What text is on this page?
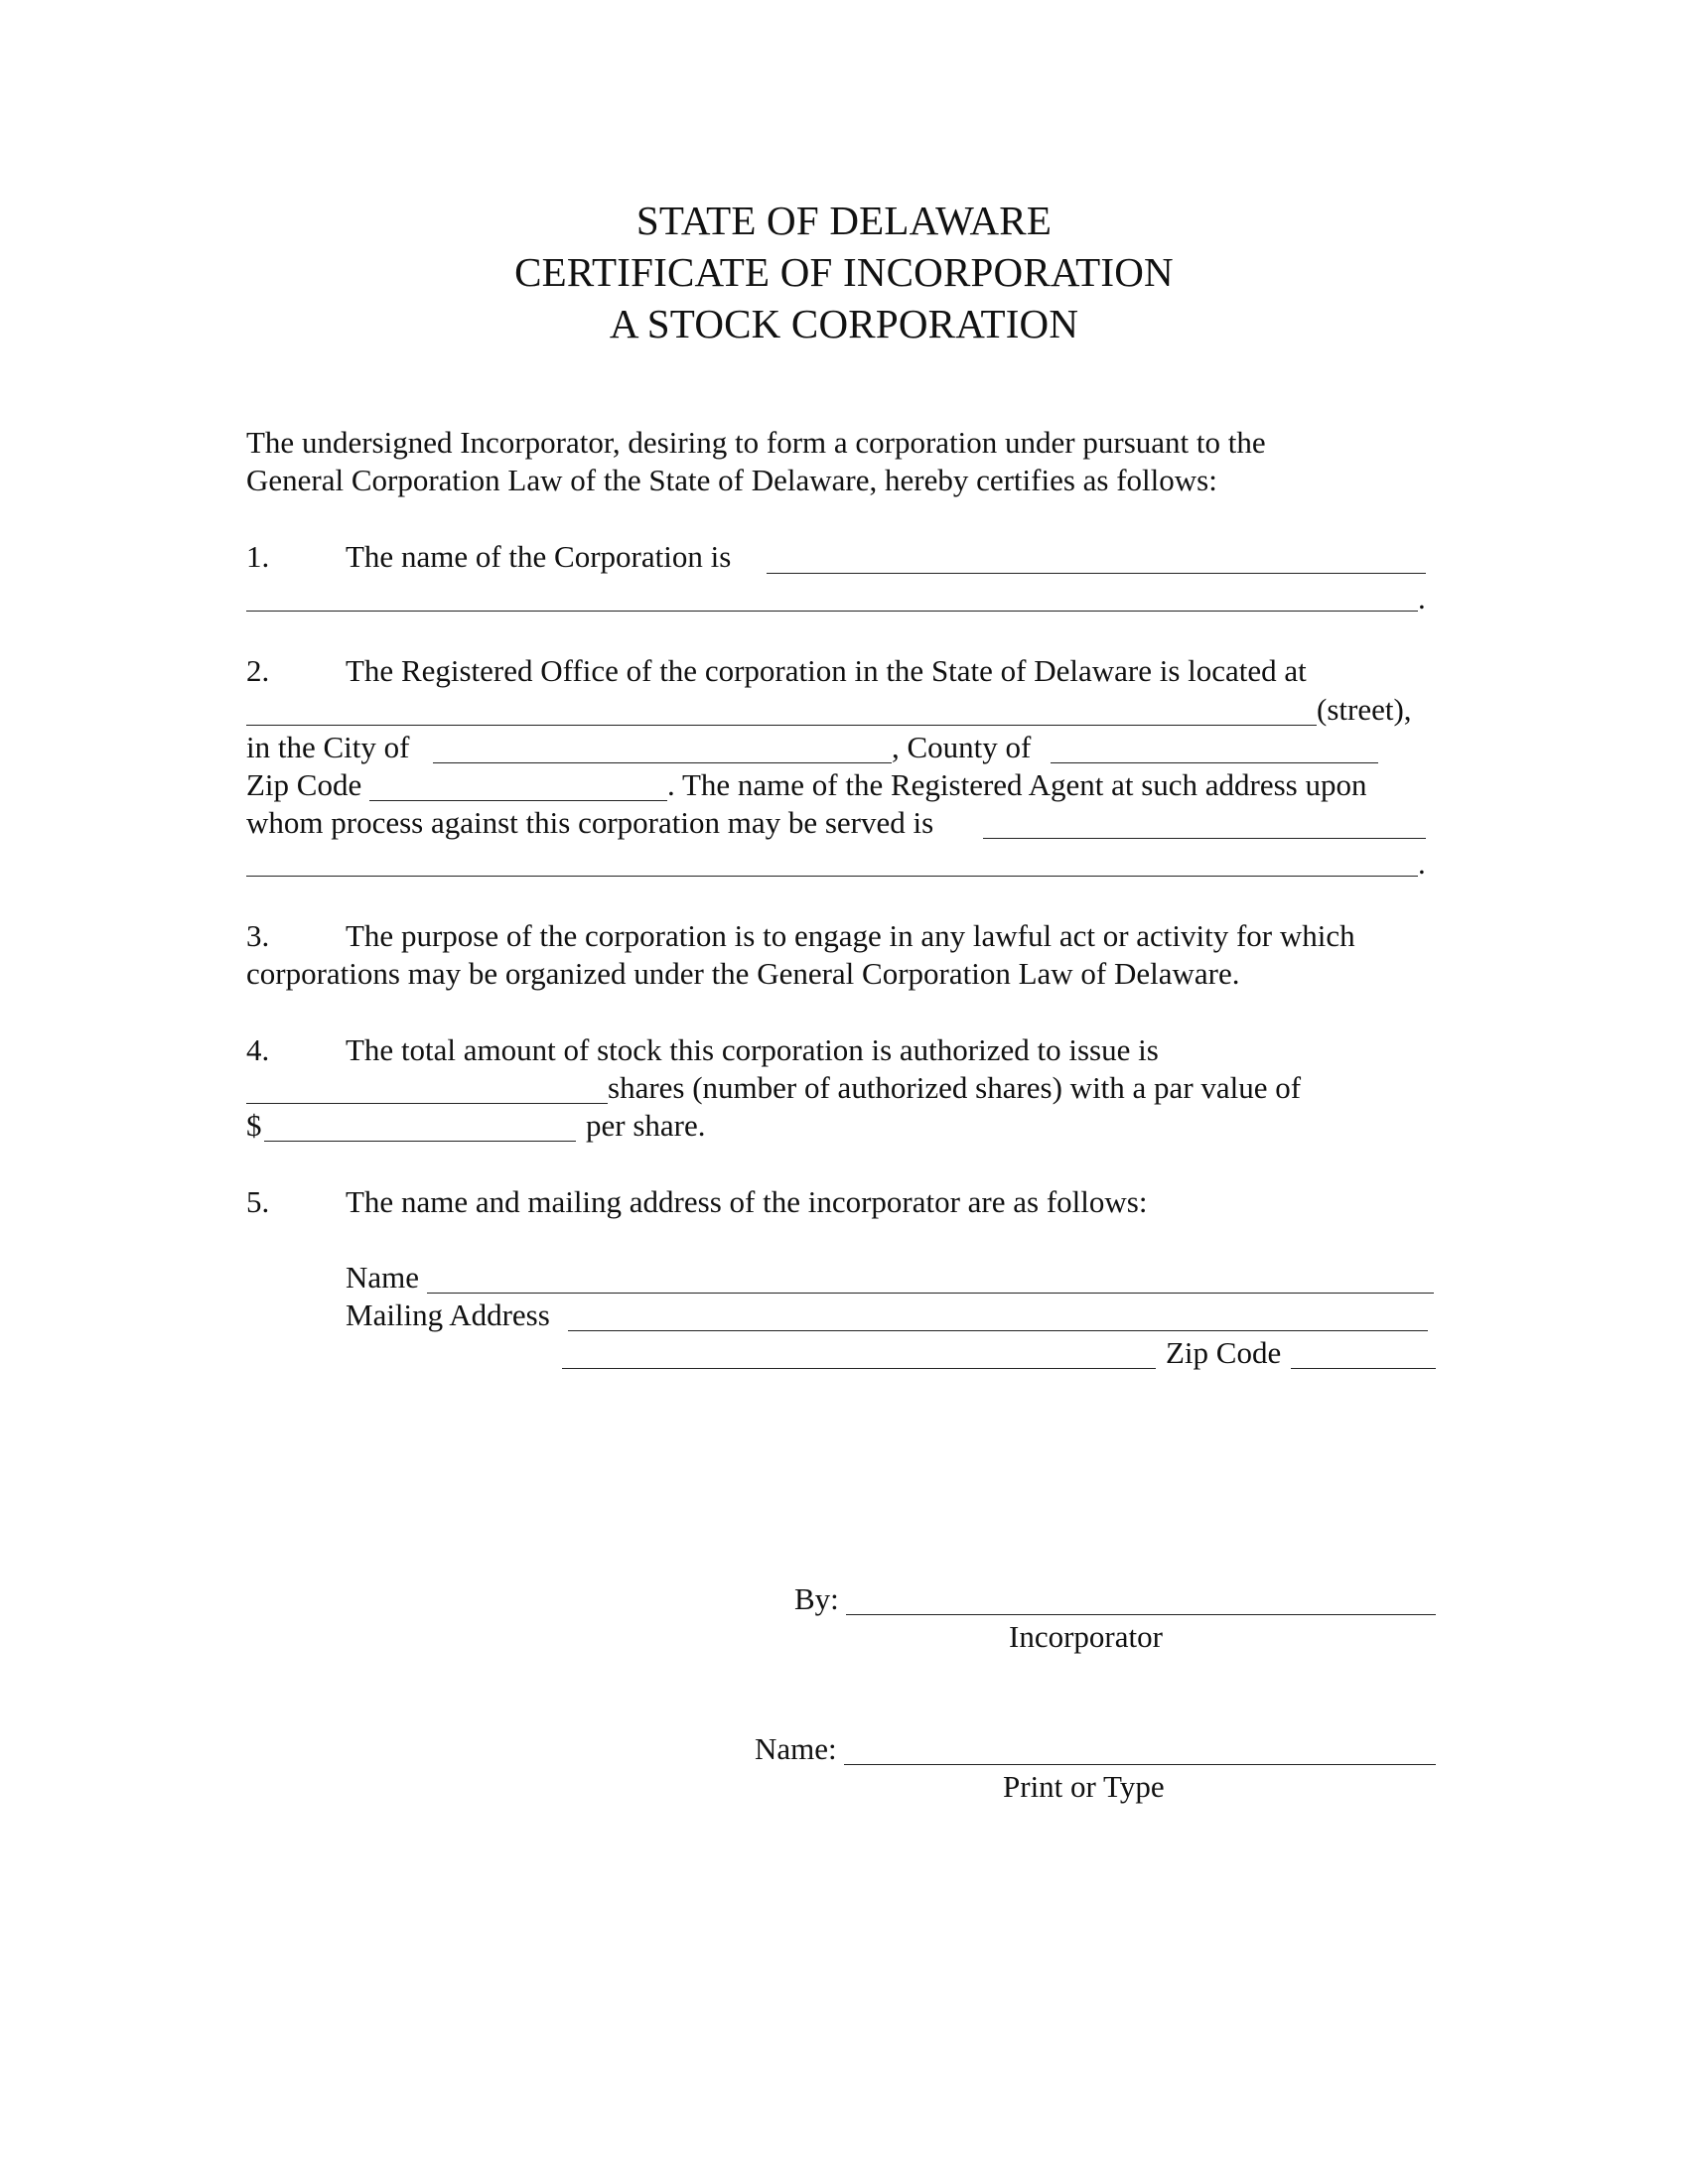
STATE OF DELAWARE
CERTIFICATE OF INCORPORATION
A STOCK CORPORATION
The undersigned Incorporator, desiring to form a corporation under pursuant to the
General Corporation Law of the State of Delaware, hereby certifies as follows:
1. The name of the Corporation is
.
2. The Registered Office of the corporation in the State of Delaware is located at
(street),
in the City of	, County of
Zip Code	. The name of the Registered Agent at such address upon
whom process against this corporation may be served is
.
3. The purpose of the corporation is to engage in any lawful act or activity for which
corporations may be organized under the General Corporation Law of Delaware.
4. The total amount of stock this corporation is authorized to issue is
shares (number of authorized shares) with a par value of
$	per share.
5. The name and mailing address of the incorporator are as follows:
Name
Mailing Address
Zip Code
By:
Incorporator
Name:
Print or Type
